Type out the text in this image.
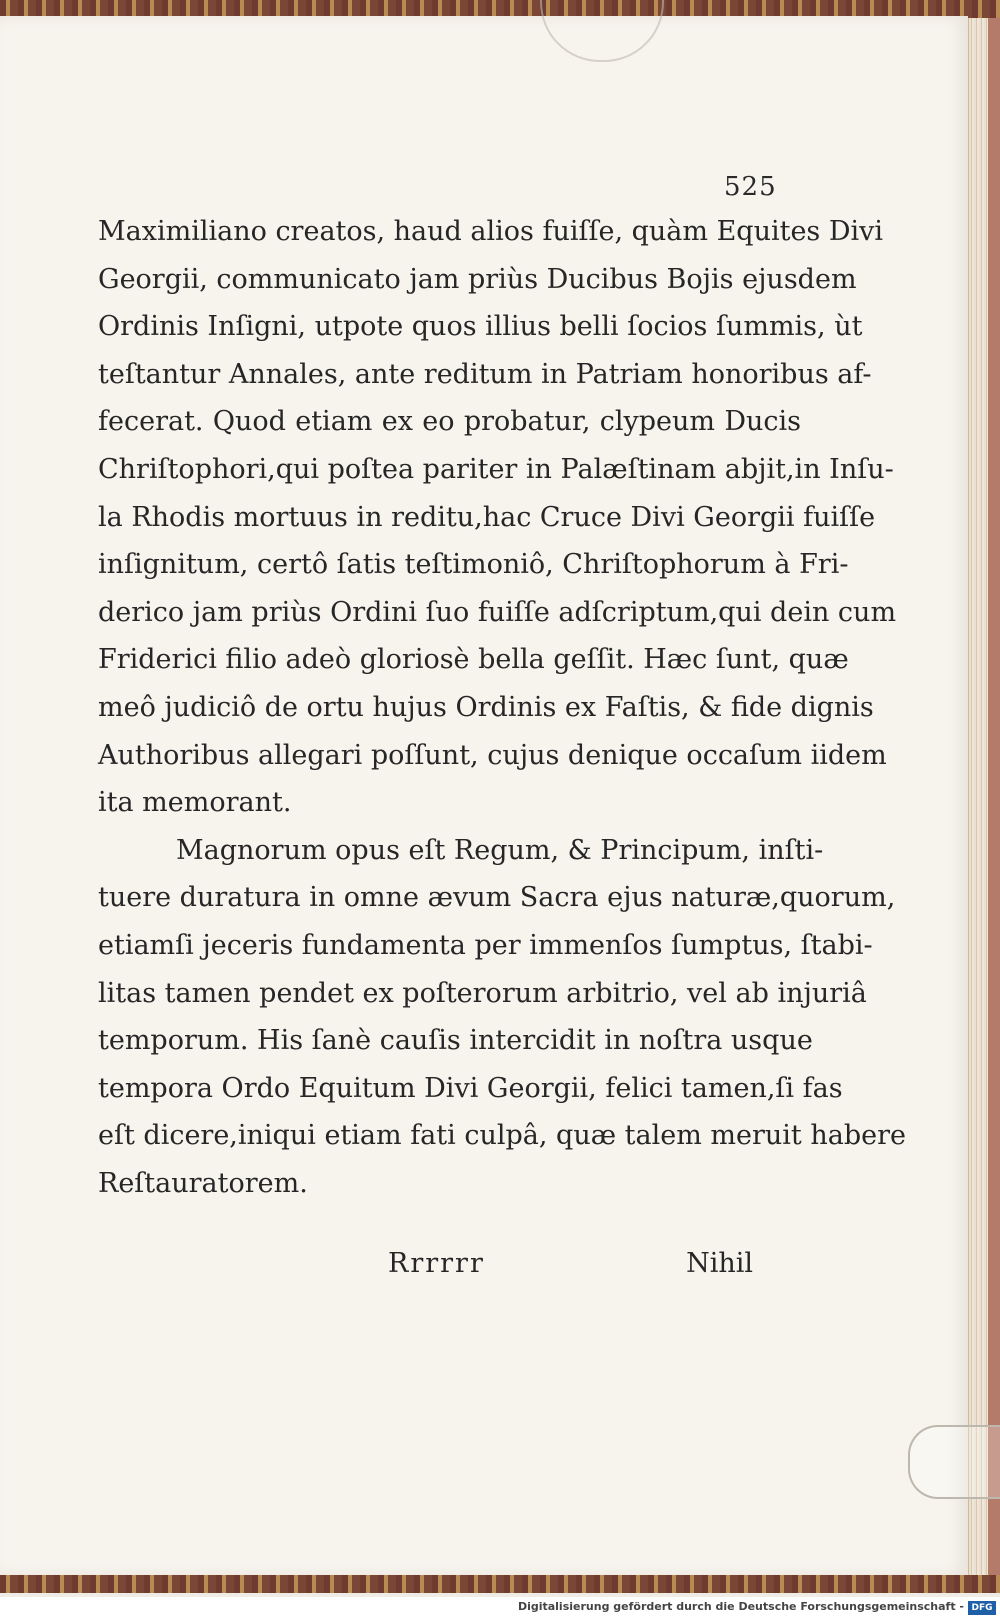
525
Maximiliano creatos, haud alios fuiſſe, quàm Equites Divi
Georgii, communicato jam priùs Ducibus Bojis ejusdem
Ordinis Inſigni, utpote quos illius belli ſocios ſummis, ùt
teſtantur Annales, ante reditum in Patriam honoribus af-
fecerat. Quod etiam ex eo probatur, clypeum Ducis
Chriſtophori,qui poſtea pariter in Palæſtinam abjit,in Inſu-
la Rhodis mortuus in reditu,hac Cruce Divi Georgii fuiſſe
inſignitum, certô ſatis teſtimoniô, Chriſtophorum à Fri-
derico jam priùs Ordini ſuo fuiſſe adſcriptum,qui dein cum
Friderici filio adeò gloriosè bella geſſit. Hæc ſunt, quæ
meô judiciô de ortu hujus Ordinis ex Faſtis, & fide dignis
Authoribus allegari poſſunt, cujus denique occaſum iidem
ita memorant.
Magnorum opus eſt Regum, & Principum, inſti-
tuere duratura in omne ævum Sacra ejus naturæ,quorum,
etiamſi jeceris fundamenta per immenſos ſumptus, ſtabi-
litas tamen pendet ex poſterorum arbitrio, vel ab injuriâ
temporum. His ſanè cauſis intercidit in noſtra usque
tempora Ordo Equitum Divi Georgii, felici tamen,ſi fas
eſt dicere,iniqui etiam fati culpâ, quæ talem meruit habere
Reſtauratorem.
Rrrrrr	Nihil
Digitalisierung gefördert durch die Deutsche Forschungsgemeinschaft - DFG
